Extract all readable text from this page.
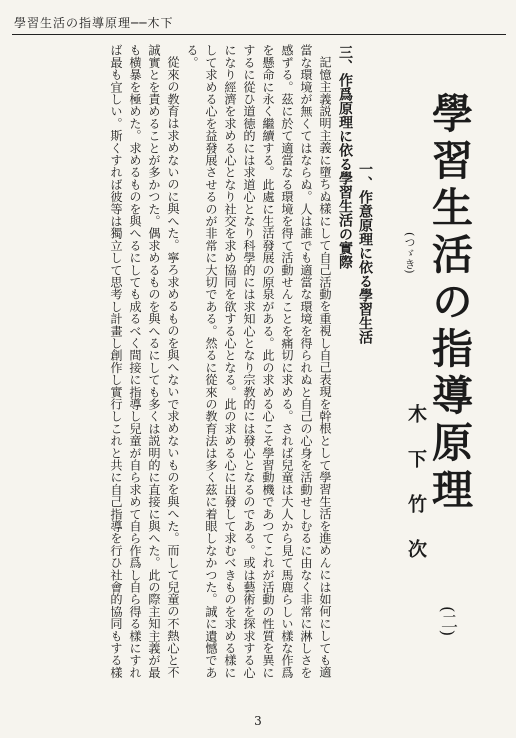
學習生活の指導原理──木下
學習生活の指導原理
(二)
木下竹次
(つゞき)
一、作意原理に依る學習生活
三、作爲原理に依る學習生活の實際

記憶主義説明主義に墮ちぬ樣にして自己活動を重視し自己表現を幹根として學習生活を進めんには如何にしても適當な環境が無くてはならぬ。人は誰でも適當な環境を得られぬと自己の心身を活動せしむるに由なく非常に淋しさを感ずる。茲に於て適當なる環境を得て活動せんことを痛切に求める。されば兒童は大人から見て馬鹿らしい樣な作爲を懸命に永く繼續する。此處に生活發展の原泉がある。此の求める心こそ學習動機であつてこれが活動の性質を異にするに從ひ道徳的には求道心となり科學的には求知心となり宗教的には發心となるのである。或は藝術を探求する心になり經濟を求める心となり社交を求め協同を欲する心となる。此の求める心に出發して求むべきものを求める樣にして求める心を益發展させるのが非常に大切である。然るに從來の教育法は多く茲に着眼しなかつた。誠に遺憾である。

從來の教育は求めないのに與へた。寧ろ求めるものを與へないで求めないものを與へた。而して兒童の不熱心と不誠實とを責めることが多かつた。偶求めるものを與へるにしても多くは説明的に直接に與へた。此の際主知主義が最も横暴を極めた。求めるものを與へるにしても成るべく間接に指導し兒童が自ら求めて自ら作爲し自ら得る樣にすれば最も宜しい。斯くすれば彼等は獨立して思考し計畫し創作し實行しこれと共に自己指導を行ひ社會的協同もする樣

3
